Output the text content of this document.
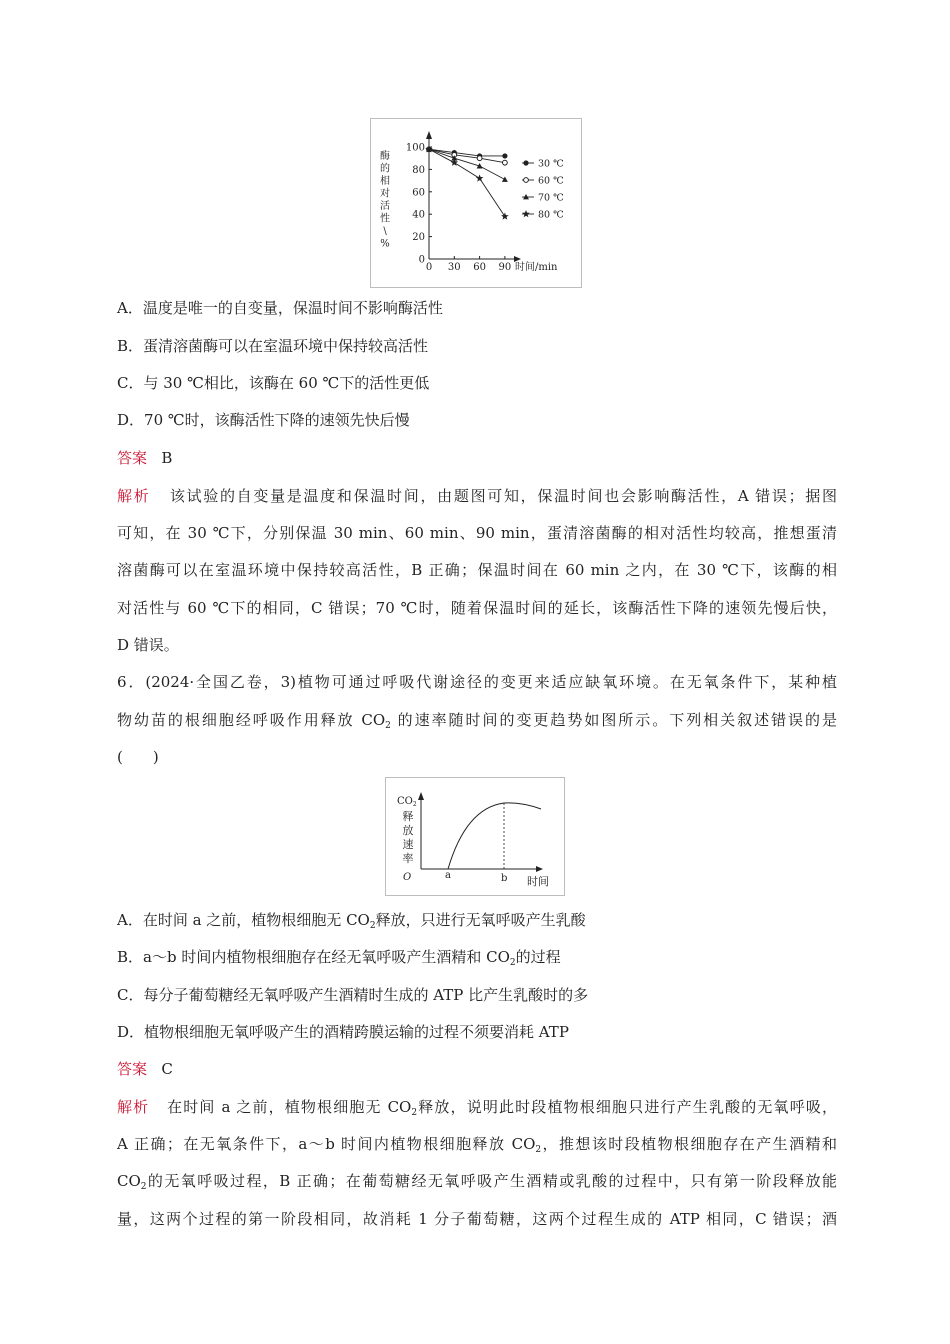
酶
的
相
对
活
性
\
%
100
80
60
40
20
0
0 30 60 90
30 ℃
60 ℃
70 ℃
80 ℃
时间/min
A．温度是唯一的自变量，保温时间不影响酶活性
B．蛋清溶菌酶可以在室温环境中保持较高活性
C．与 30 ℃相比，该酶在 60 ℃下的活性更低
D．70 ℃时，该酶活性下降的速领先快后慢
答案 B
解析 该试验的自变量是温度和保温时间，由题图可知，保温时间也会影响酶活性，A 错误；据图
可知，在 30 ℃下，分别保温 30 min、60 min、90 min，蛋清溶菌酶的相对活性均较高，推想蛋清
溶菌酶可以在室温环境中保持较高活性，B 正确；保温时间在 60 min 之内，在 30 ℃下，该酶的相
对活性与 60 ℃下的相同，C 错误；70 ℃时，随着保温时间的延长，该酶活性下降的速领先慢后快，
D 错误。
6．(2024·全国乙卷，3)植物可通过呼吸代谢途径的变更来适应缺氧环境。在无氧条件下，某种植
物幼苗的根细胞经呼吸作用释放 $CO_2$ 的速率随时间的变更趋势如图所示。下列相关叙述错误的是
(　　)
$CO_2$
释
放
速
率
O	a	b 时间
A．在时间 a 之前，植物根细胞无 $CO_2$释放，只进行无氧呼吸产生乳酸
B．a～b 时间内植物根细胞存在经无氧呼吸产生酒精和 $CO_2$的过程
C．每分子葡萄糖经无氧呼吸产生酒精时生成的 ATP 比产生乳酸时的多
D．植物根细胞无氧呼吸产生的酒精跨膜运输的过程不须要消耗 ATP
答案 C
解析 在时间 a 之前，植物根细胞无 $CO_2$释放，说明此时段植物根细胞只进行产生乳酸的无氧呼吸，
A 正确；在无氧条件下，a～b 时间内植物根细胞释放 $CO_2$，推想该时段植物根细胞存在产生酒精和
$CO_2$的无氧呼吸过程，B 正确；在葡萄糖经无氧呼吸产生酒精或乳酸的过程中，只有第一阶段释放能
量，这两个过程的第一阶段相同，故消耗 1 分子葡萄糖，这两个过程生成的 ATP 相同，C 错误；酒
